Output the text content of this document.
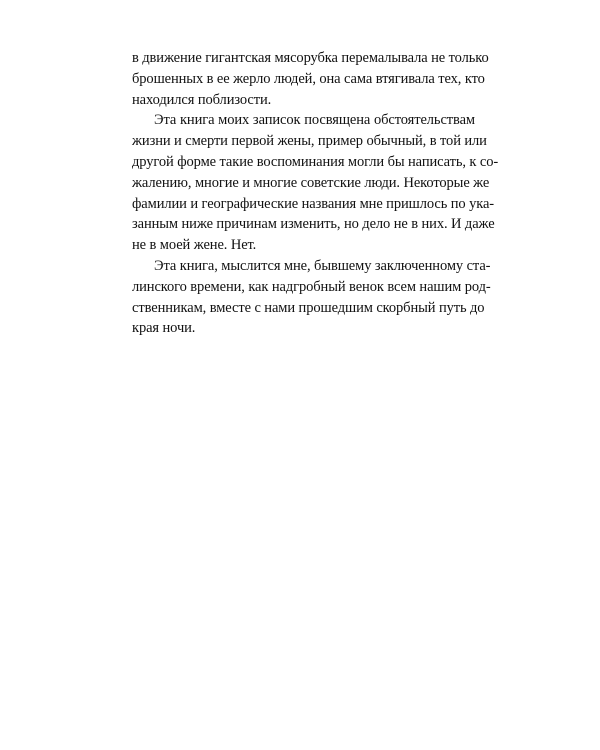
в движение гигантская мясорубка перемалывала не только
брошенных в ее жерло людей, она сама втягивала тех, кто
находился поблизости.
Эта книга моих записок посвящена обстоятельствам
жизни и смерти первой жены, пример обычный, в той или
другой форме такие воспоминания могли бы написать, к со-
жалению, многие и многие советские люди. Некоторые же
фамилии и географические названия мне пришлось по ука-
занным ниже причинам изменить, но дело не в них. И даже
не в моей жене. Нет.
Эта книга, мыслится мне, бывшему заключенному ста-
линского времени, как надгробный венок всем нашим род-
ственникам, вместе с нами прошедшим скорбный путь до
края ночи.
